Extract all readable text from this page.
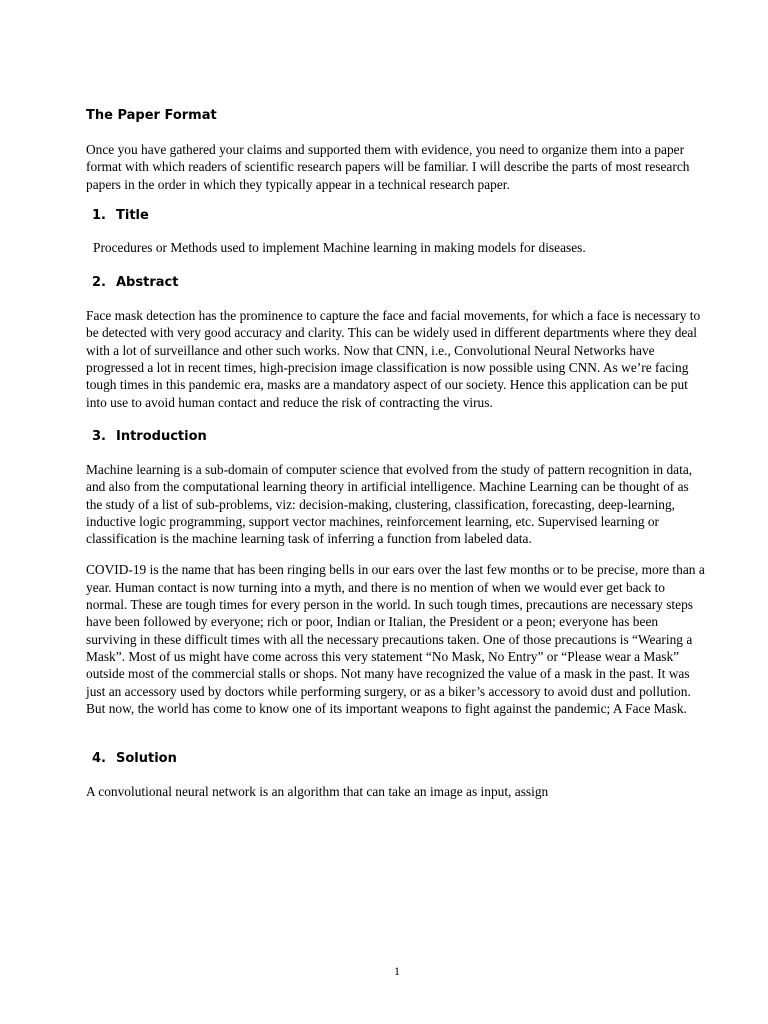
The Paper Format

Once you have gathered your claims and supported them with evidence, you need to organize them into a paper format with which readers of scientific research papers will be familiar. I will describe the parts of most research papers in the order in which they typically appear in a technical research paper.

1. Title

Procedures or Methods used to implement Machine learning in making models for diseases.

2. Abstract

Face mask detection has the prominence to capture the face and facial movements, for which a face is necessary to be detected with very good accuracy and clarity. This can be widely used in different departments where they deal with a lot of surveillance and other such works. Now that CNN, i.e., Convolutional Neural Networks have progressed a lot in recent times, high-precision image classification is now possible using CNN. As we’re facing tough times in this pandemic era, masks are a mandatory aspect of our society. Hence this application can be put into use to avoid human contact and reduce the risk of contracting the virus.

3. Introduction

Machine learning is a sub-domain of computer science that evolved from the study of pattern recognition in data, and also from the computational learning theory in artificial intelligence. Machine Learning can be thought of as the study of a list of sub-problems, viz: decision-making, clustering, classification, forecasting, deep-learning, inductive logic programming, support vector machines, reinforcement learning, etc. Supervised learning or classification is the machine learning task of inferring a function from labeled data.

COVID-19 is the name that has been ringing bells in our ears over the last few months or to be precise, more than a year. Human contact is now turning into a myth, and there is no mention of when we would ever get back to normal. These are tough times for every person in the world. In such tough times, precautions are necessary steps have been followed by everyone; rich or poor, Indian or Italian, the President or a peon; everyone has been surviving in these difficult times with all the necessary precautions taken. One of those precautions is “Wearing a Mask”. Most of us might have come across this very statement “No Mask, No Entry” or “Please wear a Mask” outside most of the commercial stalls or shops. Not many have recognized the value of a mask in the past. It was just an accessory used by doctors while performing surgery, or as a biker’s accessory to avoid dust and pollution. But now, the world has come to know one of its important weapons to fight against the pandemic; A Face Mask.

4. Solution

A convolutional neural network is an algorithm that can take an image as input, assign

1
